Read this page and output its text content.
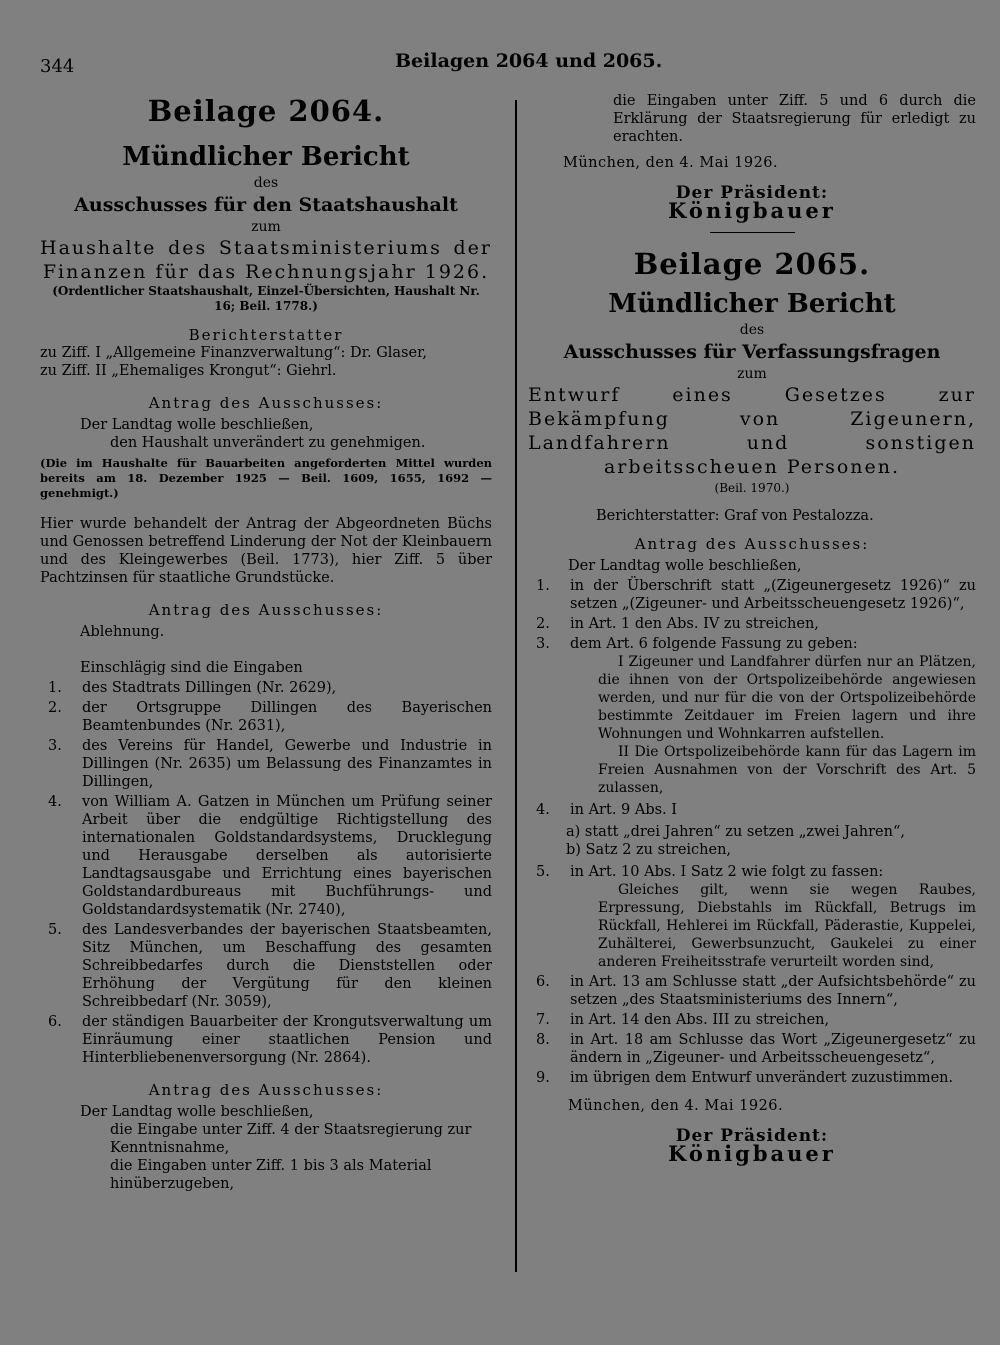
344	Beilagen 2064 und 2065.
Beilage 2064.
Mündlicher Bericht
des
Ausschusses für den Staatshaushalt
zum
Haushalte des Staatsministeriums der Finanzen für das Rechnungsjahr 1926.
(Ordentlicher Staatshaushalt, Einzel-Übersichten, Haushalt Nr. 16; Beil. 1778.)
Berichterstatter

zu Ziff. I „Allgemeine Finanzverwaltung“: Dr. Glaser,

zu Ziff. II „Ehemaliges Krongut“: Giehrl.

Antrag des Ausschusses:

Der Landtag wolle beschließen,

den Haushalt unverändert zu genehmigen.

(Die im Haushalte für Bauarbeiten angeforderten Mittel wurden bereits am 18. Dezember 1925 — Beil. 1609, 1655, 1692 — genehmigt.)

Hier wurde behandelt der Antrag der Abgeordneten Büchs und Genossen betreffend Linderung der Not der Kleinbauern und des Kleingewerbes (Beil. 1773), hier Ziff. 5 über Pachtzinsen für staatliche Grundstücke.

Antrag des Ausschusses:

Ablehnung.

Einschlägig sind die Eingaben

1. des Stadtrats Dillingen (Nr. 2629),
2. der Ortsgruppe Dillingen des Bayerischen Beamtenbundes (Nr. 2631),
3. des Vereins für Handel, Gewerbe und Industrie in Dillingen (Nr. 2635) um Belassung des Finanzamtes in Dillingen,
4. von William A. Gatzen in München um Prüfung seiner Arbeit über die endgültige Richtigstellung des internationalen Goldstandardsystems, Drucklegung und Herausgabe derselben als autorisierte Landtagsausgabe und Errichtung eines bayerischen Goldstandardbureaus mit Buchführungs- und Goldstandardsystematik (Nr. 2740),
5. des Landesverbandes der bayerischen Staatsbeamten, Sitz München, um Beschaffung des gesamten Schreibbedarfes durch die Dienststellen oder Erhöhung der Vergütung für den kleinen Schreibbedarf (Nr. 3059),
6. der ständigen Bauarbeiter der Krongutsverwaltung um Einräumung einer staatlichen Pension und Hinterbliebenenversorgung (Nr. 2864).
Antrag des Ausschusses:

Der Landtag wolle beschließen,

die Eingabe unter Ziff. 4 der Staatsregierung zur Kenntnisnahme,

die Eingaben unter Ziff. 1 bis 3 als Material hinüberzugeben,

die Eingaben unter Ziff. 5 und 6 durch die Erklärung der Staatsregierung für erledigt zu erachten.

München, den 4. Mai 1926.

Der Präsident:
Königbauer
Beilage 2065.
Mündlicher Bericht
des
Ausschusses für Verfassungsfragen
zum
Entwurf eines Gesetzes zur Bekämpfung von Zigeunern, Landfahrern und sonstigen arbeitsscheuen Personen.
(Beil. 1970.)

Berichterstatter: Graf von Pestalozza.

Antrag des Ausschusses:

Der Landtag wolle beschließen,

1. in der Überschrift statt „(Zigeunergesetz 1926)“ zu setzen „(Zigeuner- und Arbeitsscheuengesetz 1926)“,
2. in Art. 1 den Abs. IV zu streichen,
3. dem Art. 6 folgende Fassung zu geben:

I Zigeuner und Landfahrer dürfen nur an Plätzen, die ihnen von der Ortspolizeibehörde angewiesen werden, und nur für die von der Ortspolizeibehörde bestimmte Zeitdauer im Freien lagern und ihre Wohnungen und Wohnkarren aufstellen.

II Die Ortspolizeibehörde kann für das Lagern im Freien Ausnahmen von der Vorschrift des Art. 5 zulassen,

4. in Art. 9 Abs. I

a) statt „drei Jahren“ zu setzen „zwei Jahren“,

b) Satz 2 zu streichen,

5. in Art. 10 Abs. I Satz 2 wie folgt zu fassen:

Gleiches gilt, wenn sie wegen Raubes, Erpressung, Diebstahls im Rückfall, Betrugs im Rückfall, Hehlerei im Rückfall, Päderastie, Kuppelei, Zuhälterei, Gewerbsunzucht, Gaukelei zu einer anderen Freiheitsstrafe verurteilt worden sind,

6. in Art. 13 am Schlusse statt „der Aufsichtsbehörde“ zu setzen „des Staatsministeriums des Innern“,
7. in Art. 14 den Abs. III zu streichen,
8. in Art. 18 am Schlusse das Wort „Zigeunergesetz“ zu ändern in „Zigeuner- und Arbeitsscheuengesetz“,
9. im übrigen dem Entwurf unverändert zuzustimmen.

München, den 4. Mai 1926.

Der Präsident:
Königbauer
